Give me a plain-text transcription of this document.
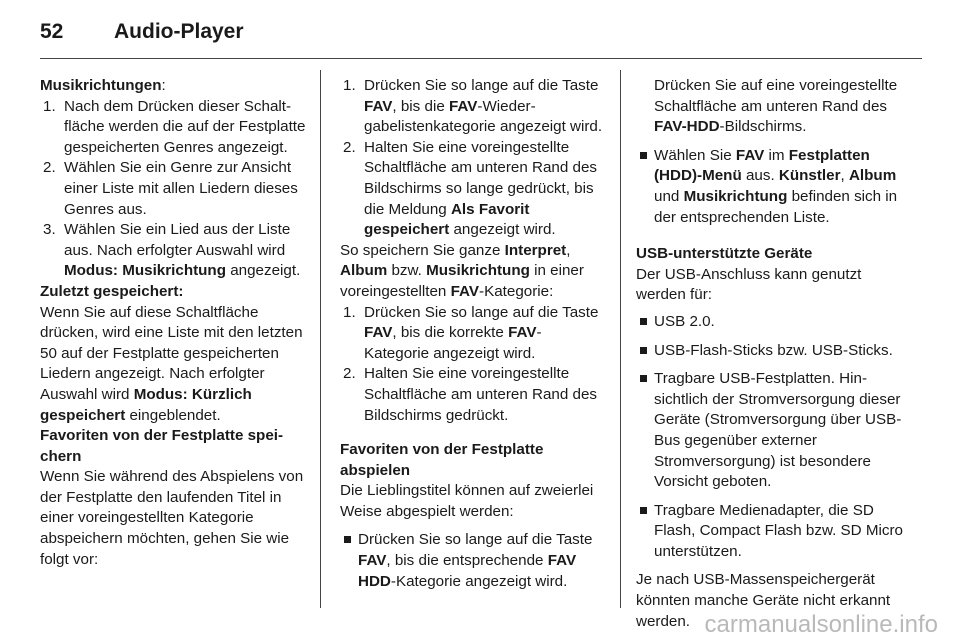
52 Audio-Player

Musikrichtungen:

1. Nach dem Drücken dieser Schaltfläche werden die auf der Festplatte gespeicherten Genres angezeigt.
2. Wählen Sie ein Genre zur Ansicht einer Liste mit allen Liedern dieses Genres aus.
3. Wählen Sie ein Lied aus der Liste aus. Nach erfolgter Auswahl wird Modus: Musikrichtung angezeigt.

Zuletzt gespeichert:

Wenn Sie auf diese Schaltfläche drücken, wird eine Liste mit den letzten 50 auf der Festplatte gespeicherten Liedern angezeigt. Nach erfolgter Auswahl wird Modus: Kürzlich gespeichert eingeblendet.

Favoriten von der Festplatte speichern

Wenn Sie während des Abspielens von der Festplatte den laufenden Titel in einer voreingestellten Kategorie abspeichern möchten, gehen Sie wie folgt vor:

1. Drücken Sie so lange auf die Taste FAV, bis die FAV-Wiedergabelistenkategorie angezeigt wird.
2. Halten Sie eine voreingestellte Schaltfläche am unteren Rand des Bildschirms so lange gedrückt, bis die Meldung Als Favorit gespeichert angezeigt wird.

So speichern Sie ganze Interpret,
Album bzw. Musikrichtung in einer voreingestellten FAV-Kategorie:

1. Drücken Sie so lange auf die Taste FAV, bis die korrekte FAV-Kategorie angezeigt wird.
2. Halten Sie eine voreingestellte Schaltfläche am unteren Rand des Bildschirms gedrückt.

Favoriten von der Festplatte abspielen

Die Lieblingstitel können auf zweierlei Weise abgespielt werden:

Drücken Sie so lange auf die Taste FAV, bis die entsprechende FAV HDD-Kategorie angezeigt wird.

Drücken Sie auf eine voreingestellte Schaltfläche am unteren Rand des FAV-HDD-Bildschirms.

Wählen Sie FAV im Festplatten (HDD)-Menü aus. Künstler, Album und Musikrichtung befinden sich in der entsprechenden Liste.

USB-unterstützte Geräte

Der USB-Anschluss kann genutzt werden für:

USB 2.0.
USB-Flash-Sticks bzw. USB-Sticks.
Tragbare USB-Festplatten. Hinsichtlich der Stromversorgung dieser Geräte (Stromversorgung über USB-Bus gegenüber externer Stromversorgung) ist besondere Vorsicht geboten.
Tragbare Medienadapter, die SD Flash, Compact Flash bzw. SD Micro unterstützen.

Je nach USB-Massenspeichergerät könnten manche Geräte nicht erkannt werden. carmanualsonline.info
